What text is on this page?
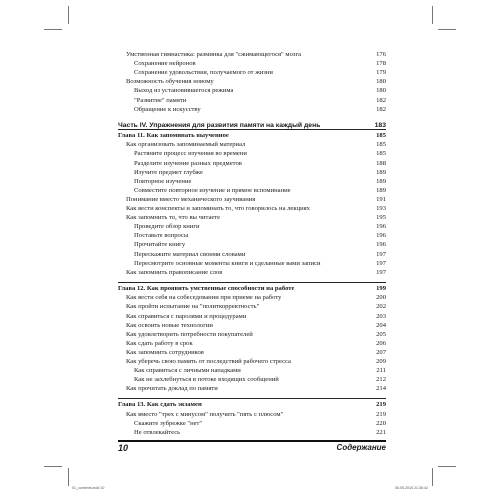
Умственная гимнастика: разминка для "сжимающегося" мозга	176
Сохранение нейронов	178
Сохранение удовольствия, получаемого от жизни	179
Возможность обучения новому	180
Выход из установившегося режима	180
"Развитие" памяти	182
Обращение к искусству	182
Часть IV. Упражнения для развития памяти на каждый день	183
Глава 11. Как запоминать выученное	185
Как организовать запоминаемый материал	185
Растяните процесс изучения во времени	185
Разделите изучение разных предметов	188
Изучите предмет глубже	189
Повторное изучение	189
Совместите повторное изучение и прямое вспоминание	189
Понимание вместо механического заучивания	191
Как вести конспекты и запоминать то, что говорилось на лекциях	193
Как запомнить то, что вы читаете	195
Проведите обзор книги	196
Поставьте вопросы	196
Прочитайте книгу	196
Перескажите материал своими словами	197
Пересмотрите основные моменты книги и сделанные вами записи	197
Как запомнить правописание слов	197
Глава 12. Как проявить умственные способности на работе	199
Как вести себя на собеседовании при приеме на работу	200
Как пройти испытание на "политкорректность"	202
Как справиться с паролями и процедурами	203
Как освоить новые технологии	204
Как удовлетворить потребности покупателей	205
Как сдать работу в срок	206
Как запомнить сотрудников	207
Как уберечь свою память от последствий рабочего стресса	209
Как справиться с личными нападками	211
Как не захлебнуться в потоке входящих сообщений	212
Как прочитать доклад по памяти	214
Глава 13. Как сдать экзамен	219
Как вместо "трех с минусом" получить "пять с плюсом"	219
Скажите зубрежке "нет"	220
Не отвлекайтесь	221
10	Содержание
01_contents.indd 10	06.05.2016 21:36:42
